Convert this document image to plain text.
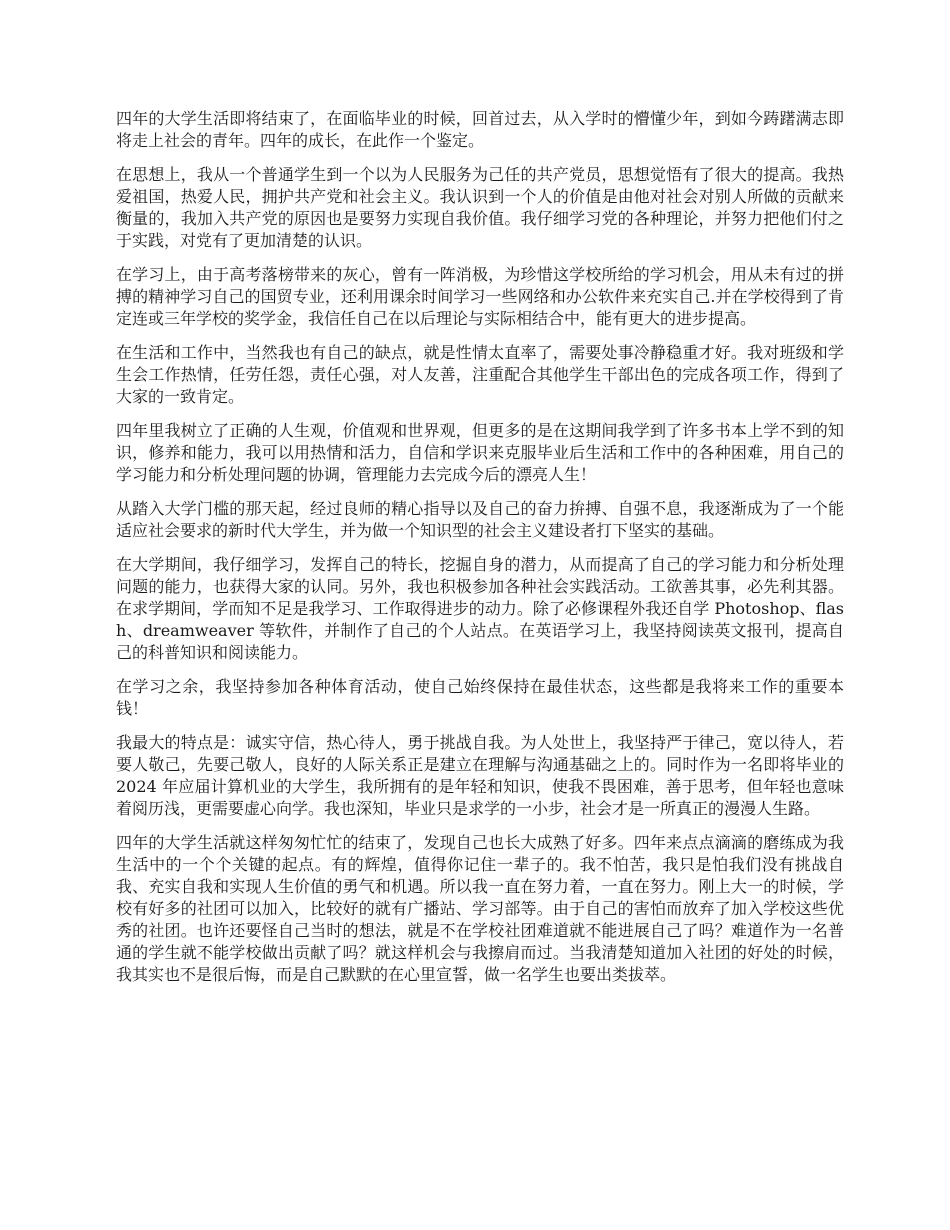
四年的大学生活即将结束了，在面临毕业的时候，回首过去，从入学时的懵懂少年，到如今踌躇满志即将走上社会的青年。四年的成长，在此作一个鉴定。

在思想上，我从一个普通学生到一个以为人民服务为己任的共产党员，思想觉悟有了很大的提高。我热爱祖国，热爱人民，拥护共产党和社会主义。我认识到一个人的价值是由他对社会对别人所做的贡献来衡量的，我加入共产党的原因也是要努力实现自我价值。我仔细学习党的各种理论，并努力把他们付之于实践，对党有了更加清楚的认识。

在学习上，由于高考落榜带来的灰心，曾有一阵消极，为珍惜这学校所给的学习机会，用从未有过的拼搏的精神学习自己的国贸专业，还利用课余时间学习一些网络和办公软件来充实自己.并在学校得到了肯定连或三年学校的奖学金，我信任自己在以后理论与实际相结合中，能有更大的进步提高。

在生活和工作中，当然我也有自己的缺点，就是性情太直率了，需要处事冷静稳重才好。我对班级和学生会工作热情，任劳任怨，责任心强，对人友善，注重配合其他学生干部出色的完成各项工作，得到了大家的一致肯定。

四年里我树立了正确的人生观，价值观和世界观，但更多的是在这期间我学到了许多书本上学不到的知识，修养和能力，我可以用热情和活力，自信和学识来克服毕业后生活和工作中的各种困难，用自己的学习能力和分析处理问题的协调，管理能力去完成今后的漂亮人生！

从踏入大学门槛的那天起，经过良师的精心指导以及自己的奋力拚搏、自强不息，我逐渐成为了一个能适应社会要求的新时代大学生，并为做一个知识型的社会主义建设者打下坚实的基础。

在大学期间，我仔细学习，发挥自己的特长，挖掘自身的潜力，从而提高了自己的学习能力和分析处理问题的能力，也获得大家的认同。另外，我也积极参加各种社会实践活动。工欲善其事，必先利其器。在求学期间，学而知不足是我学习、工作取得进步的动力。除了必修课程外我还自学 Photoshop、flash、dreamweaver 等软件，并制作了自己的个人站点。在英语学习上，我坚持阅读英文报刊，提高自己的科普知识和阅读能力。

在学习之余，我坚持参加各种体育活动，使自己始终保持在最佳状态，这些都是我将来工作的重要本钱！

我最大的特点是：诚实守信，热心待人，勇于挑战自我。为人处世上，我坚持严于律己，宽以待人，若要人敬己，先要己敬人，良好的人际关系正是建立在理解与沟通基础之上的。同时作为一名即将毕业的 2024 年应届计算机业的大学生，我所拥有的是年轻和知识，使我不畏困难，善于思考，但年轻也意味着阅历浅，更需要虚心向学。我也深知，毕业只是求学的一小步，社会才是一所真正的漫漫人生路。

四年的大学生活就这样匆匆忙忙的结束了，发现自己也长大成熟了好多。四年来点点滴滴的磨练成为我生活中的一个个关键的起点。有的辉煌，值得你记住一辈子的。我不怕苦，我只是怕我们没有挑战自我、充实自我和实现人生价值的勇气和机遇。所以我一直在努力着，一直在努力。刚上大一的时候，学校有好多的社团可以加入，比较好的就有广播站、学习部等。由于自己的害怕而放弃了加入学校这些优秀的社团。也许还要怪自己当时的想法，就是不在学校社团难道就不能进展自己了吗？难道作为一名普通的学生就不能学校做出贡献了吗？就这样机会与我擦肩而过。当我清楚知道加入社团的好处的时候，我其实也不是很后悔，而是自己默默的在心里宣誓，做一名学生也要出类拔萃。
